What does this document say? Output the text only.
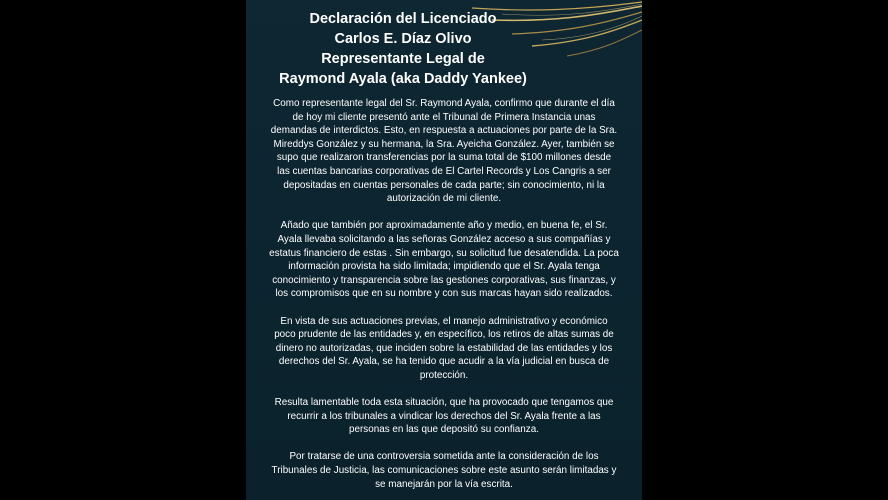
Declaración del Licenciado
Carlos E. Díaz Olivo
Representante Legal de
Raymond Ayala (aka Daddy Yankee)

Como representante legal del Sr. Raymond Ayala, confirmo que durante el día
de hoy mi cliente presentó ante el Tribunal de Primera Instancia unas
demandas de interdictos. Esto, en respuesta a actuaciones por parte de la Sra.
Mireddys González y su hermana, la Sra. Ayeicha González. Ayer, también se
supo que realizaron transferencias por la suma total de $100 millones desde
las cuentas bancarias corporativas de El Cartel Records y Los Cangris a ser
depositadas en cuentas personales de cada parte; sin conocimiento, ni la
autorización de mi cliente.

Añado que también por aproximadamente año y medio, en buena fe, el Sr.
Ayala llevaba solicitando a las señoras González acceso a sus compañías y
estatus financiero de estas . Sin embargo, su solicitud fue desatendida. La poca
información provista ha sido limitada; impidiendo que el Sr. Ayala tenga
conocimiento y transparencia sobre las gestiones corporativas, sus finanzas, y
los compromisos que en su nombre y con sus marcas hayan sido realizados.

En vista de sus actuaciones previas, el manejo administrativo y económico
poco prudente de las entidades y, en específico, los retiros de altas sumas de
dinero no autorizadas, que inciden sobre la estabilidad de las entidades y los
derechos del Sr. Ayala, se ha tenido que acudir a la vía judicial en busca de
protección.

Resulta lamentable toda esta situación, que ha provocado que tengamos que
recurrir a los tribunales a vindicar los derechos del Sr. Ayala frente a las
personas en las que depositó su confianza.

Por tratarse de una controversia sometida ante la consideración de los
Tribunales de Justicia, las comunicaciones sobre este asunto serán limitadas y
se manejarán por la vía escrita.
